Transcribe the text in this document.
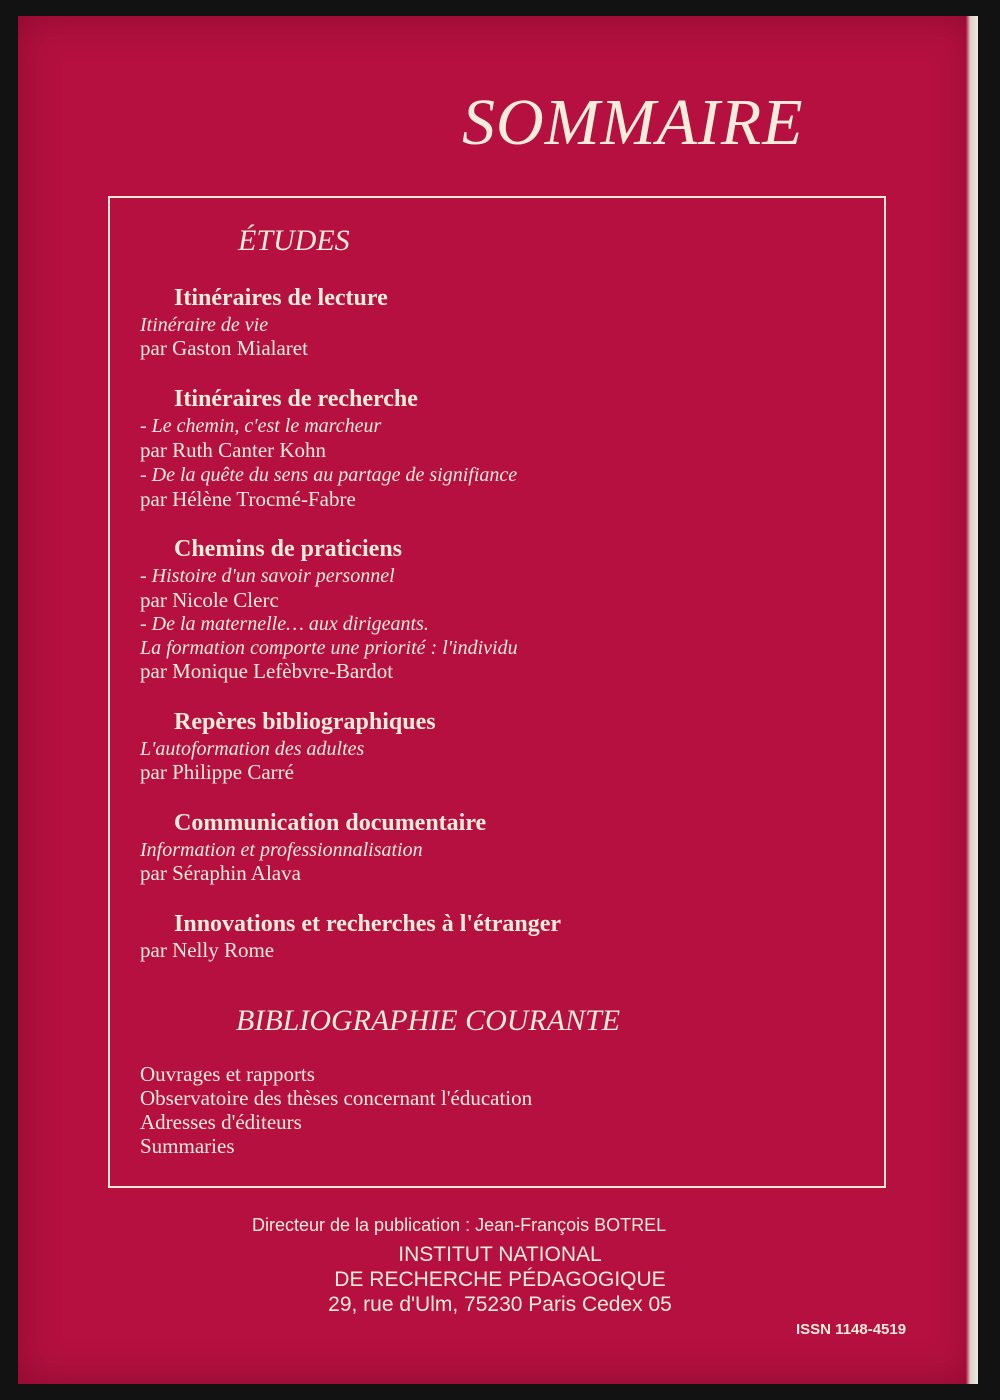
SOMMAIRE
ÉTUDES
Itinéraires de lecture
Itinéraire de vie
par Gaston Mialaret
Itinéraires de recherche
- Le chemin, c'est le marcheur
par Ruth Canter Kohn
- De la quête du sens au partage de signifiance
par Hélène Trocmé-Fabre
Chemins de praticiens
- Histoire d'un savoir personnel
par Nicole Clerc
- De la maternelle… aux dirigeants.
La formation comporte une priorité : l'individu
par Monique Lefèbvre-Bardot
Repères bibliographiques
L'autoformation des adultes
par Philippe Carré
Communication documentaire
Information et professionnalisation
par Séraphin Alava
Innovations et recherches à l'étranger
par Nelly Rome
BIBLIOGRAPHIE COURANTE
Ouvrages et rapports
Observatoire des thèses concernant l'éducation
Adresses d'éditeurs
Summaries
Directeur de la publication : Jean-François BOTREL
INSTITUT NATIONAL
DE RECHERCHE PÉDAGOGIQUE
29, rue d'Ulm, 75230 Paris Cedex 05
ISSN 1148-4519
